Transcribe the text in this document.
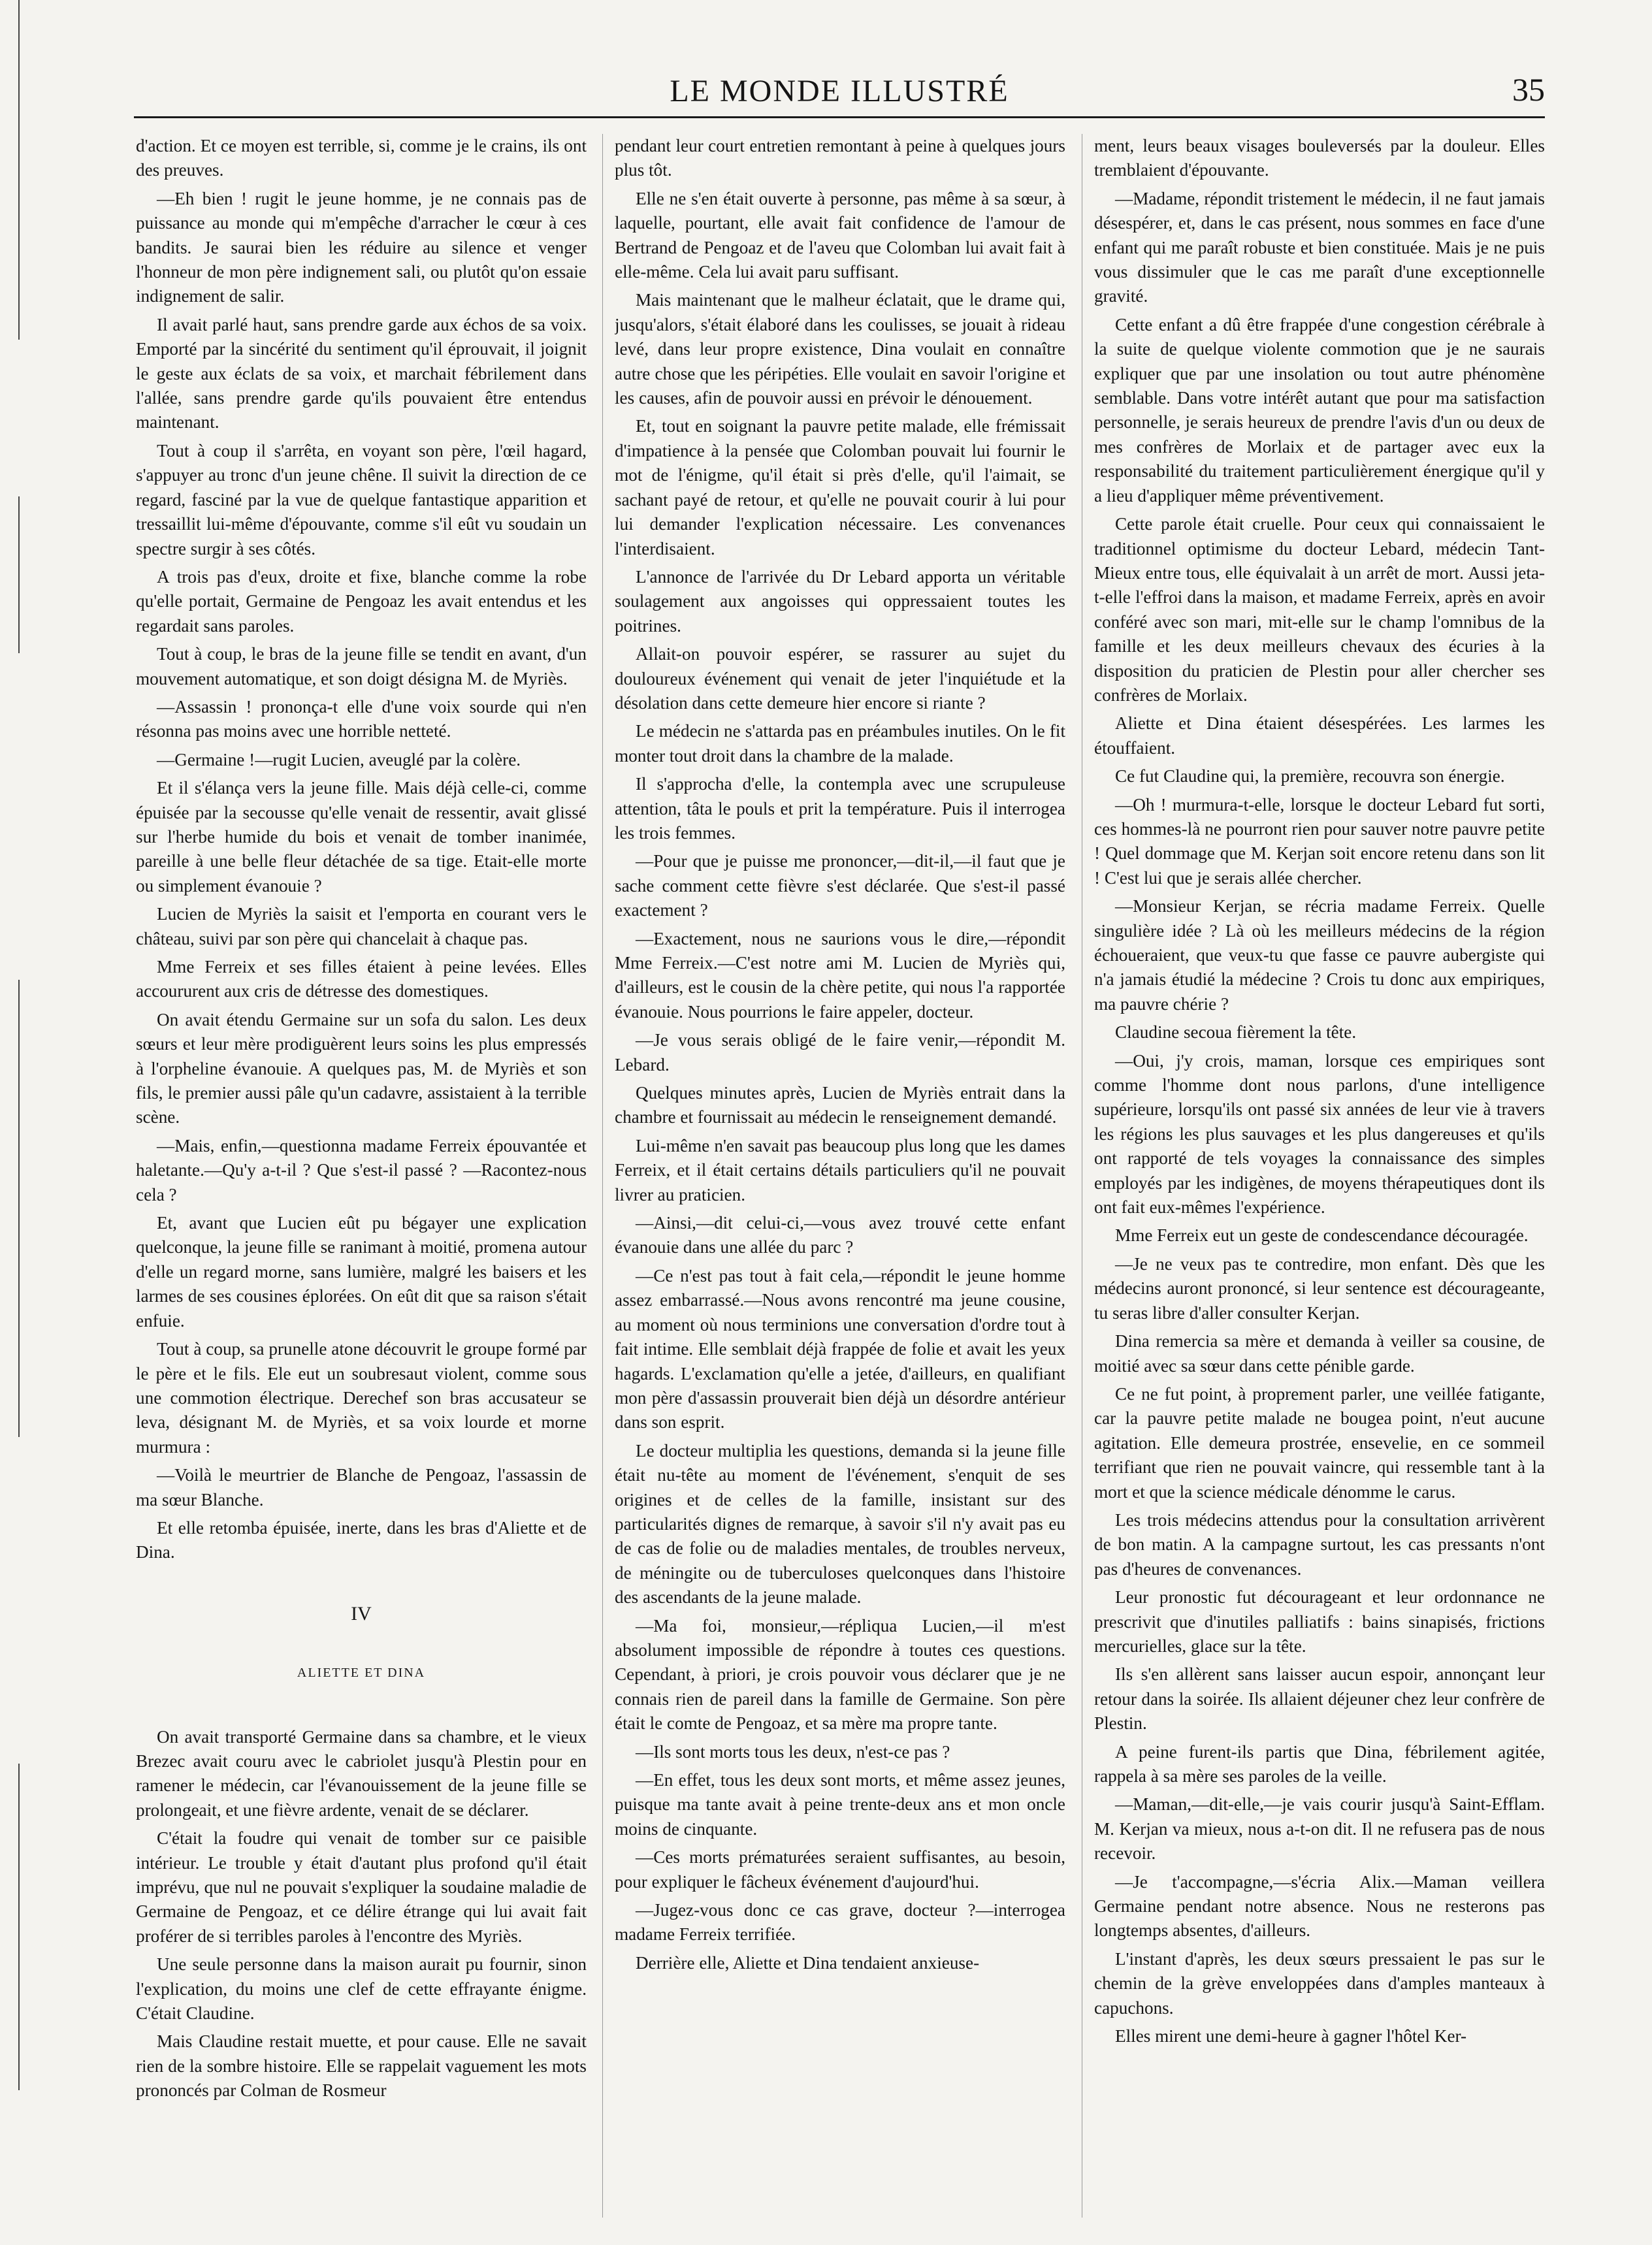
LE MONDE ILLUSTRÉ	35

d'action. Et ce moyen est terrible, si, comme je le crains, ils ont des preuves.

—Eh bien ! rugit le jeune homme, je ne connais pas de puissance au monde qui m'empêche d'arracher le cœur à ces bandits. Je saurai bien les réduire au silence et venger l'honneur de mon père indignement sali, ou plutôt qu'on essaie indignement de salir.

Il avait parlé haut, sans prendre garde aux échos de sa voix. Emporté par la sincérité du sentiment qu'il éprouvait, il joignit le geste aux éclats de sa voix, et marchait fébrilement dans l'allée, sans prendre garde qu'ils pouvaient être entendus maintenant.

Tout à coup il s'arrêta, en voyant son père, l'œil hagard, s'appuyer au tronc d'un jeune chêne. Il suivit la direction de ce regard, fasciné par la vue de quelque fantastique apparition et tressaillit lui-même d'épouvante, comme s'il eût vu soudain un spectre surgir à ses côtés.

A trois pas d'eux, droite et fixe, blanche comme la robe qu'elle portait, Germaine de Pengoaz les avait entendus et les regardait sans paroles.

Tout à coup, le bras de la jeune fille se tendit en avant, d'un mouvement automatique, et son doigt désigna M. de Myriès.

—Assassin ! prononça-t elle d'une voix sourde qui n'en résonna pas moins avec une horrible netteté.

—Germaine !—rugit Lucien, aveuglé par la colère.

Et il s'élança vers la jeune fille. Mais déjà celle-ci, comme épuisée par la secousse qu'elle venait de ressentir, avait glissé sur l'herbe humide du bois et venait de tomber inanimée, pareille à une belle fleur détachée de sa tige. Etait-elle morte ou simplement évanouie ?

Lucien de Myriès la saisit et l'emporta en courant vers le château, suivi par son père qui chancelait à chaque pas.

Mme Ferreix et ses filles étaient à peine levées. Elles accoururent aux cris de détresse des domestiques.

On avait étendu Germaine sur un sofa du salon. Les deux sœurs et leur mère prodiguèrent leurs soins les plus empressés à l'orpheline évanouie. A quelques pas, M. de Myriès et son fils, le premier aussi pâle qu'un cadavre, assistaient à la terrible scène.

—Mais, enfin,—questionna madame Ferreix épouvantée et haletante.—Qu'y a-t-il ? Que s'est-il passé ? —Racontez-nous cela ?

Et, avant que Lucien eût pu bégayer une explication quelconque, la jeune fille se ranimant à moitié, promena autour d'elle un regard morne, sans lumière, malgré les baisers et les larmes de ses cousines éplorées. On eût dit que sa raison s'était enfuie.

Tout à coup, sa prunelle atone découvrit le groupe formé par le père et le fils. Ele eut un soubresaut violent, comme sous une commotion électrique. Derechef son bras accusateur se leva, désignant M. de Myriès, et sa voix lourde et morne murmura :

—Voilà le meurtrier de Blanche de Pengoaz, l'assassin de ma sœur Blanche.

Et elle retomba épuisée, inerte, dans les bras d'Aliette et de Dina.

IV
ALIETTE ET DINA

On avait transporté Germaine dans sa chambre, et le vieux Brezec avait couru avec le cabriolet jusqu'à Plestin pour en ramener le médecin, car l'évanouissement de la jeune fille se prolongeait, et une fièvre ardente, venait de se déclarer.

C'était la foudre qui venait de tomber sur ce paisible intérieur. Le trouble y était d'autant plus profond qu'il était imprévu, que nul ne pouvait s'expliquer la soudaine maladie de Germaine de Pengoaz, et ce délire étrange qui lui avait fait proférer de si terribles paroles à l'encontre des Myriès.

Une seule personne dans la maison aurait pu fournir, sinon l'explication, du moins une clef de cette effrayante énigme. C'était Claudine.

Mais Claudine restait muette, et pour cause. Elle ne savait rien de la sombre histoire. Elle se rappelait vaguement les mots prononcés par Colman de Rosmeur

pendant leur court entretien remontant à peine à quelques jours plus tôt.

Elle ne s'en était ouverte à personne, pas même à sa sœur, à laquelle, pourtant, elle avait fait confidence de l'amour de Bertrand de Pengoaz et de l'aveu que Colomban lui avait fait à elle-même. Cela lui avait paru suffisant.

Mais maintenant que le malheur éclatait, que le drame qui, jusqu'alors, s'était élaboré dans les coulisses, se jouait à rideau levé, dans leur propre existence, Dina voulait en connaître autre chose que les péripéties. Elle voulait en savoir l'origine et les causes, afin de pouvoir aussi en prévoir le dénouement.

Et, tout en soignant la pauvre petite malade, elle frémissait d'impatience à la pensée que Colomban pouvait lui fournir le mot de l'énigme, qu'il était si près d'elle, qu'il l'aimait, se sachant payé de retour, et qu'elle ne pouvait courir à lui pour lui demander l'explication nécessaire. Les convenances l'interdisaient.

L'annonce de l'arrivée du Dr Lebard apporta un véritable soulagement aux angoisses qui oppressaient toutes les poitrines.

Allait-on pouvoir espérer, se rassurer au sujet du douloureux événement qui venait de jeter l'inquiétude et la désolation dans cette demeure hier encore si riante ?

Le médecin ne s'attarda pas en préambules inutiles. On le fit monter tout droit dans la chambre de la malade.

Il s'approcha d'elle, la contempla avec une scrupuleuse attention, tâta le pouls et prit la température. Puis il interrogea les trois femmes.

—Pour que je puisse me prononcer,—dit-il,—il faut que je sache comment cette fièvre s'est déclarée. Que s'est-il passé exactement ?

—Exactement, nous ne saurions vous le dire,—répondit Mme Ferreix.—C'est notre ami M. Lucien de Myriès qui, d'ailleurs, est le cousin de la chère petite, qui nous l'a rapportée évanouie. Nous pourrions le faire appeler, docteur.

—Je vous serais obligé de le faire venir,—répondit M. Lebard.

Quelques minutes après, Lucien de Myriès entrait dans la chambre et fournissait au médecin le renseignement demandé.

Lui-même n'en savait pas beaucoup plus long que les dames Ferreix, et il était certains détails particuliers qu'il ne pouvait livrer au praticien.

—Ainsi,—dit celui-ci,—vous avez trouvé cette enfant évanouie dans une allée du parc ?

—Ce n'est pas tout à fait cela,—répondit le jeune homme assez embarrassé.—Nous avons rencontré ma jeune cousine, au moment où nous terminions une conversation d'ordre tout à fait intime. Elle semblait déjà frappée de folie et avait les yeux hagards. L'exclamation qu'elle a jetée, d'ailleurs, en qualifiant mon père d'assassin prouverait bien déjà un désordre antérieur dans son esprit.

Le docteur multiplia les questions, demanda si la jeune fille était nu-tête au moment de l'événement, s'enquit de ses origines et de celles de la famille, insistant sur des particularités dignes de remarque, à savoir s'il n'y avait pas eu de cas de folie ou de maladies mentales, de troubles nerveux, de méningite ou de tuberculoses quelconques dans l'histoire des ascendants de la jeune malade.

—Ma foi, monsieur,—répliqua Lucien,—il m'est absolument impossible de répondre à toutes ces questions. Cependant, à priori, je crois pouvoir vous déclarer que je ne connais rien de pareil dans la famille de Germaine. Son père était le comte de Pengoaz, et sa mère ma propre tante.

—Ils sont morts tous les deux, n'est-ce pas ?

—En effet, tous les deux sont morts, et même assez jeunes, puisque ma tante avait à peine trente-deux ans et mon oncle moins de cinquante.

—Ces morts prématurées seraient suffisantes, au besoin, pour expliquer le fâcheux événement d'aujourd'hui.

—Jugez-vous donc ce cas grave, docteur ?—interrogea madame Ferreix terrifiée.

Derrière elle, Aliette et Dina tendaient anxieuse-

ment, leurs beaux visages bouleversés par la douleur. Elles tremblaient d'épouvante.

—Madame, répondit tristement le médecin, il ne faut jamais désespérer, et, dans le cas présent, nous sommes en face d'une enfant qui me paraît robuste et bien constituée. Mais je ne puis vous dissimuler que le cas me paraît d'une exceptionnelle gravité.

Cette enfant a dû être frappée d'une congestion cérébrale à la suite de quelque violente commotion que je ne saurais expliquer que par une insolation ou tout autre phénomène semblable. Dans votre intérêt autant que pour ma satisfaction personnelle, je serais heureux de prendre l'avis d'un ou deux de mes confrères de Morlaix et de partager avec eux la responsabilité du traitement particulièrement énergique qu'il y a lieu d'appliquer même préventivement.

Cette parole était cruelle. Pour ceux qui connaissaient le traditionnel optimisme du docteur Lebard, médecin Tant-Mieux entre tous, elle équivalait à un arrêt de mort. Aussi jeta-t-elle l'effroi dans la maison, et madame Ferreix, après en avoir conféré avec son mari, mit-elle sur le champ l'omnibus de la famille et les deux meilleurs chevaux des écuries à la disposition du praticien de Plestin pour aller chercher ses confrères de Morlaix.

Aliette et Dina étaient désespérées. Les larmes les étouffaient.

Ce fut Claudine qui, la première, recouvra son énergie.

—Oh ! murmura-t-elle, lorsque le docteur Lebard fut sorti, ces hommes-là ne pourront rien pour sauver notre pauvre petite ! Quel dommage que M. Kerjan soit encore retenu dans son lit ! C'est lui que je serais allée chercher.

—Monsieur Kerjan, se récria madame Ferreix. Quelle singulière idée ? Là où les meilleurs médecins de la région échoueraient, que veux-tu que fasse ce pauvre aubergiste qui n'a jamais étudié la médecine ? Crois tu donc aux empiriques, ma pauvre chérie ?

Claudine secoua fièrement la tête.

—Oui, j'y crois, maman, lorsque ces empiriques sont comme l'homme dont nous parlons, d'une intelligence supérieure, lorsqu'ils ont passé six années de leur vie à travers les régions les plus sauvages et les plus dangereuses et qu'ils ont rapporté de tels voyages la connaissance des simples employés par les indigènes, de moyens thérapeutiques dont ils ont fait eux-mêmes l'expérience.

Mme Ferreix eut un geste de condescendance découragée.

—Je ne veux pas te contredire, mon enfant. Dès que les médecins auront prononcé, si leur sentence est décourageante, tu seras libre d'aller consulter Kerjan.

Dina remercia sa mère et demanda à veiller sa cousine, de moitié avec sa sœur dans cette pénible garde.

Ce ne fut point, à proprement parler, une veillée fatigante, car la pauvre petite malade ne bougea point, n'eut aucune agitation. Elle demeura prostrée, ensevelie, en ce sommeil terrifiant que rien ne pouvait vaincre, qui ressemble tant à la mort et que la science médicale dénomme le carus.

Les trois médecins attendus pour la consultation arrivèrent de bon matin. A la campagne surtout, les cas pressants n'ont pas d'heures de convenances.

Leur pronostic fut décourageant et leur ordonnance ne prescrivit que d'inutiles palliatifs : bains sinapisés, frictions mercurielles, glace sur la tête.

Ils s'en allèrent sans laisser aucun espoir, annonçant leur retour dans la soirée. Ils allaient déjeuner chez leur confrère de Plestin.

A peine furent-ils partis que Dina, fébrilement agitée, rappela à sa mère ses paroles de la veille.

—Maman,—dit-elle,—je vais courir jusqu'à Saint-Efflam. M. Kerjan va mieux, nous a-t-on dit. Il ne refusera pas de nous recevoir.

—Je t'accompagne,—s'écria Alix.—Maman veillera Germaine pendant notre absence. Nous ne resterons pas longtemps absentes, d'ailleurs.

L'instant d'après, les deux sœurs pressaient le pas sur le chemin de la grève enveloppées dans d'amples manteaux à capuchons.

Elles mirent une demi-heure à gagner l'hôtel Ker-
